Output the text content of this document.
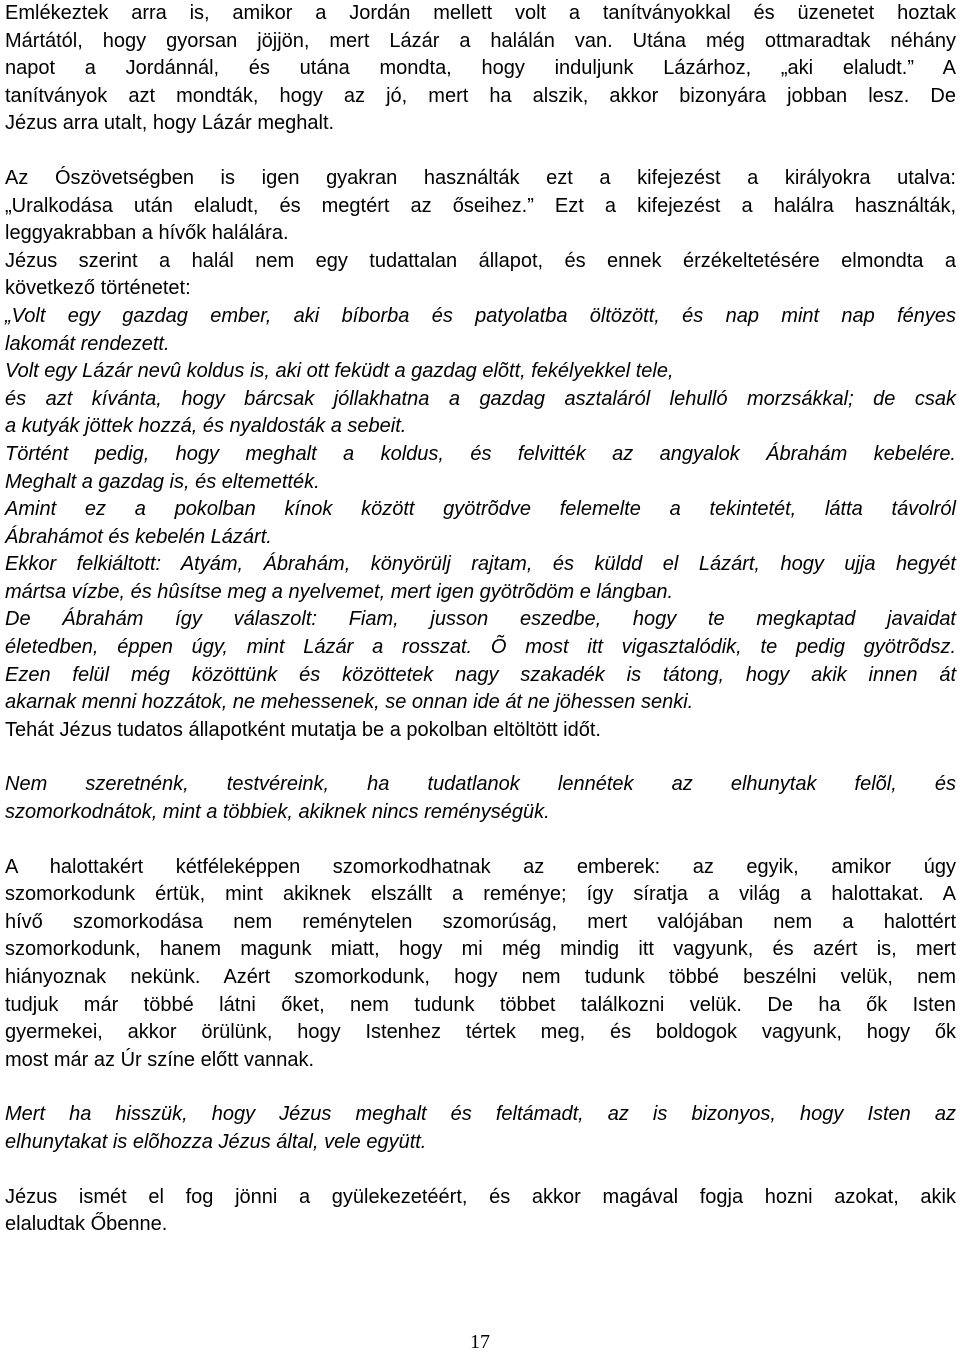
Emlékeztek arra is, amikor a Jordán mellett volt a tanítványokkal és üzenetet hoztak
Mártától, hogy gyorsan jöjjön, mert Lázár a halálán van. Utána még ottmaradtak néhány
napot a Jordánnál, és utána mondta, hogy induljunk Lázárhoz, „aki elaludt.” A
tanítványok azt mondták, hogy az jó, mert ha alszik, akkor bizonyára jobban lesz. De
Jézus arra utalt, hogy Lázár meghalt.
Az Ószövetségben is igen gyakran használták ezt a kifejezést a királyokra utalva:
„Uralkodása után elaludt, és megtért az őseihez.” Ezt a kifejezést a halálra használták,
leggyakrabban a hívők halálára.
Jézus szerint a halál nem egy tudattalan állapot, és ennek érzékeltetésére elmondta a
következő történetet:
„Volt egy gazdag ember, aki bíborba és patyolatba öltözött, és nap mint nap fényes
lakomát rendezett.
Volt egy Lázár nevû koldus is, aki ott feküdt a gazdag elõtt, fekélyekkel tele,
és azt kívánta, hogy bárcsak jóllakhatna a gazdag asztaláról lehulló morzsákkal; de csak
a kutyák jöttek hozzá, és nyaldosták a sebeit.
Történt pedig, hogy meghalt a koldus, és felvitték az angyalok Ábrahám kebelére.
Meghalt a gazdag is, és eltemették.
Amint ez a pokolban kínok között gyötrõdve felemelte a tekintetét, látta távolról
Ábrahámot és kebelén Lázárt.
Ekkor felkiáltott: Atyám, Ábrahám, könyörülj rajtam, és küldd el Lázárt, hogy ujja hegyét
mártsa vízbe, és hûsítse meg a nyelvemet, mert igen gyötrõdöm e lángban.
De Ábrahám így válaszolt: Fiam, jusson eszedbe, hogy te megkaptad javaidat
életedben, éppen úgy, mint Lázár a rosszat. Õ most itt vigasztalódik, te pedig gyötrõdsz.
Ezen felül még közöttünk és közöttetek nagy szakadék is tátong, hogy akik innen át
akarnak menni hozzátok, ne mehessenek, se onnan ide át ne jöhessen senki.
Tehát Jézus tudatos állapotként mutatja be a pokolban eltöltött időt.
Nem szeretnénk, testvéreink, ha tudatlanok lennétek az elhunytak felõl, és
szomorkodnátok, mint a többiek, akiknek nincs reménységük.
A halottakért kétféleképpen szomorkodhatnak az emberek: az egyik, amikor úgy
szomorkodunk értük, mint akiknek elszállt a reménye; így síratja a világ a halottakat. A
hívő szomorkodása nem reménytelen szomorúság, mert valójában nem a halottért
szomorkodunk, hanem magunk miatt, hogy mi még mindig itt vagyunk, és azért is, mert
hiányoznak nekünk. Azért szomorkodunk, hogy nem tudunk többé beszélni velük, nem
tudjuk már többé látni őket, nem tudunk többet találkozni velük. De ha ők Isten
gyermekei, akkor örülünk, hogy Istenhez tértek meg, és boldogok vagyunk, hogy ők
most már az Úr színe előtt vannak.
Mert ha hisszük, hogy Jézus meghalt és feltámadt, az is bizonyos, hogy Isten az
elhunytakat is elõhozza Jézus által, vele együtt.
Jézus ismét el fog jönni a gyülekezetéért, és akkor magával fogja hozni azokat, akik
elaludtak Őbenne.
17
